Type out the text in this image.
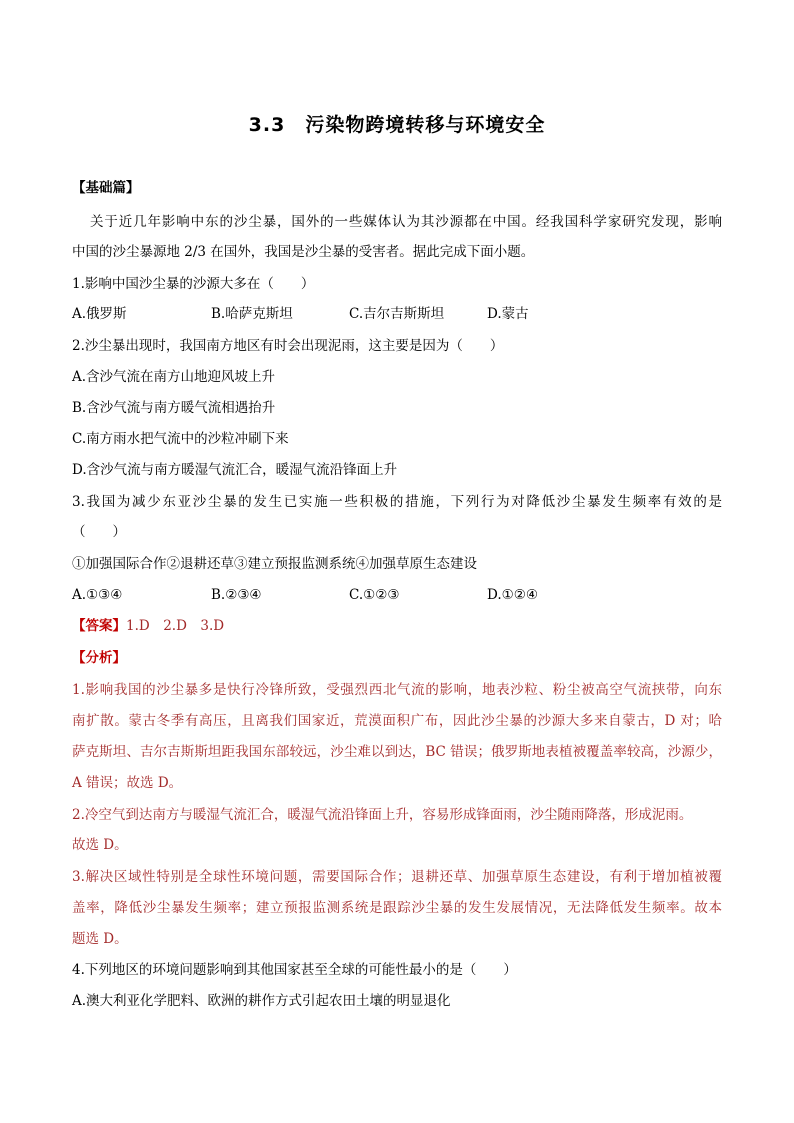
3.3　污染物跨境转移与环境安全
【基础篇】
关于近几年影响中东的沙尘暴，国外的一些媒体认为其沙源都在中国。经我国科学家研究发现，影响
中国的沙尘暴源地 2/3 在国外，我国是沙尘暴的受害者。据此完成下面小题。
1.影响中国沙尘暴的沙源大多在（　　）
A.俄罗斯	B.哈萨克斯坦	C.吉尔吉斯斯坦	D.蒙古
2.沙尘暴出现时，我国南方地区有时会出现泥雨，这主要是因为（　　）
A.含沙气流在南方山地迎风坡上升
B.含沙气流与南方暖气流相遇抬升
C.南方雨水把气流中的沙粒冲刷下来
D.含沙气流与南方暖湿气流汇合，暖湿气流沿锋面上升
3.我国为减少东亚沙尘暴的发生已实施一些积极的措施，下列行为对降低沙尘暴发生频率有效的是
（　　）
①加强国际合作②退耕还草③建立预报监测系统④加强草原生态建设
A.①③④	B.②③④	C.①②③	D.①②④
【答案】1.D　2.D　3.D
【分析】
1.影响我国的沙尘暴多是快行冷锋所致，受强烈西北气流的影响，地表沙粒、粉尘被高空气流挟带，向东
南扩散。蒙古冬季有高压，且离我们国家近，荒漠面积广布，因此沙尘暴的沙源大多来自蒙古，D 对；哈
萨克斯坦、吉尔吉斯斯坦距我国东部较远，沙尘难以到达，BC 错误；俄罗斯地表植被覆盖率较高，沙源少，
A 错误；故选 D。
2.冷空气到达南方与暖湿气流汇合，暖湿气流沿锋面上升，容易形成锋面雨，沙尘随雨降落，形成泥雨。
故选 D。
3.解决区域性特别是全球性环境问题，需要国际合作；退耕还草、加强草原生态建设，有利于增加植被覆
盖率，降低沙尘暴发生频率；建立预报监测系统是跟踪沙尘暴的发生发展情况，无法降低发生频率。故本
题选 D。
4.下列地区的环境问题影响到其他国家甚至全球的可能性最小的是（　　）
A.澳大利亚化学肥料、欧洲的耕作方式引起农田土壤的明显退化
